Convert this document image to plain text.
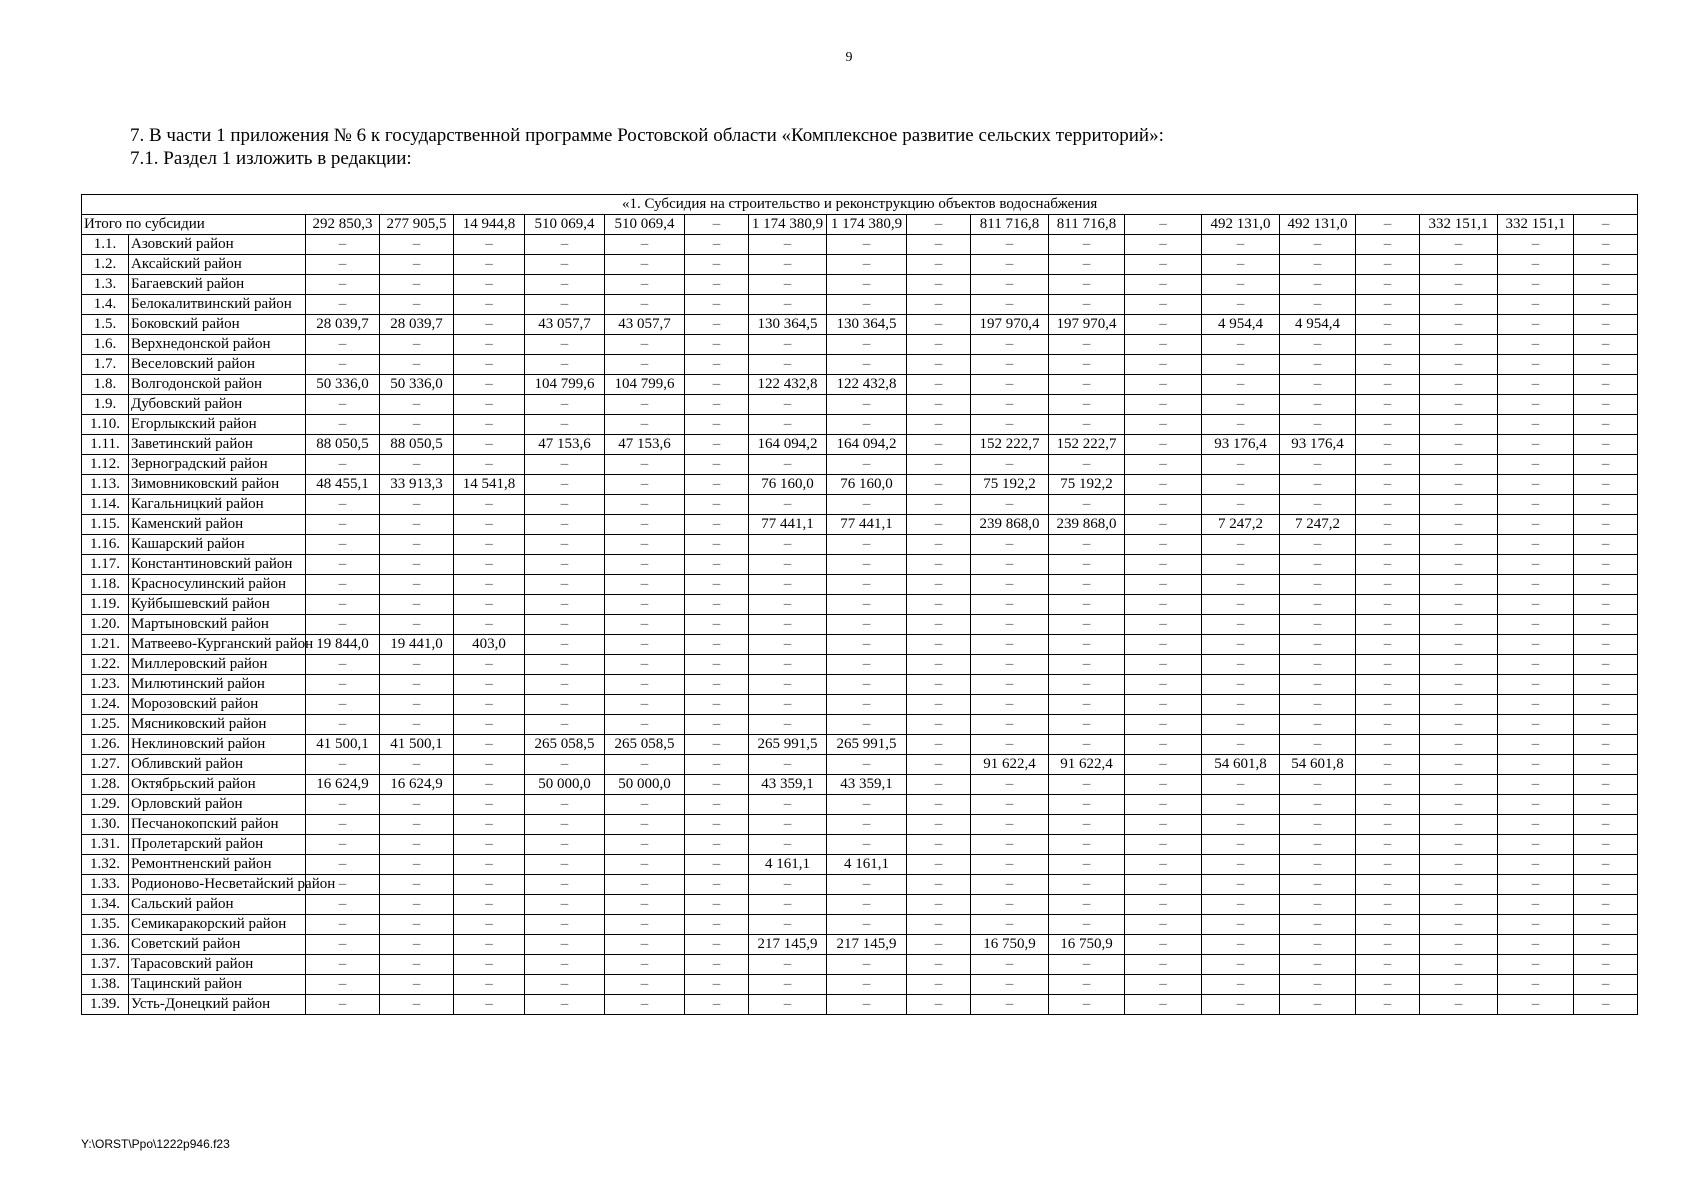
9
7. В части 1 приложения № 6 к государственной программе Ростовской области «Комплексное развитие сельских территорий»:
7.1. Раздел 1 изложить в редакции:
«1. Субсидия на строительство и реконструкцию объектов водоснабжения																			
Итого по субсидии		292 850,3	277 905,5	14 944,8	510 069,4	510 069,4	–	1 174 380,9	1 174 380,9	–	811 716,8	811 716,8	–	492 131,0	492 131,0	–	332 151,1	332 151,1	–
1.1.	Азовский район	–	–	–	–	–	–	–	–	–	–	–	–	–	–	–	–	–	–
1.2.	Аксайский район	–	–	–	–	–	–	–	–	–	–	–	–	–	–	–	–	–	–
1.3.	Багаевский район	–	–	–	–	–	–	–	–	–	–	–	–	–	–	–	–	–	–
1.4.	Белокалитвинский район	–	–	–	–	–	–	–	–	–	–	–	–	–	–	–	–	–	–
1.5.	Боковский район	28 039,7	28 039,7	–	43 057,7	43 057,7	–	130 364,5	130 364,5	–	197 970,4	197 970,4	–	4 954,4	4 954,4	–	–	–	–
1.6.	Верхнедонской район	–	–	–	–	–	–	–	–	–	–	–	–	–	–	–	–	–	–
1.7.	Веселовский район	–	–	–	–	–	–	–	–	–	–	–	–	–	–	–	–	–	–
1.8.	Волгодонской район	50 336,0	50 336,0	–	104 799,6	104 799,6	–	122 432,8	122 432,8	–	–	–	–	–	–	–	–	–	–
1.9.	Дубовский район	–	–	–	–	–	–	–	–	–	–	–	–	–	–	–	–	–	–
1.10.	Егорлыкский район	–	–	–	–	–	–	–	–	–	–	–	–	–	–	–	–	–	–
1.11.	Заветинский район	88 050,5	88 050,5	–	47 153,6	47 153,6	–	164 094,2	164 094,2	–	152 222,7	152 222,7	–	93 176,4	93 176,4	–	–	–	–
1.12.	Зерноградский район	–	–	–	–	–	–	–	–	–	–	–	–	–	–	–	–	–	–
1.13.	Зимовниковский район	48 455,1	33 913,3	14 541,8	–	–	–	76 160,0	76 160,0	–	75 192,2	75 192,2	–	–	–	–	–	–	–
1.14.	Кагальницкий район	–	–	–	–	–	–	–	–	–	–	–	–	–	–	–	–	–	–
1.15.	Каменский район	–	–	–	–	–	–	77 441,1	77 441,1	–	239 868,0	239 868,0	–	7 247,2	7 247,2	–	–	–	–
1.16.	Кашарский район	–	–	–	–	–	–	–	–	–	–	–	–	–	–	–	–	–	–
1.17.	Константиновский район	–	–	–	–	–	–	–	–	–	–	–	–	–	–	–	–	–	–
1.18.	Красносулинский район	–	–	–	–	–	–	–	–	–	–	–	–	–	–	–	–	–	–
1.19.	Куйбышевский район	–	–	–	–	–	–	–	–	–	–	–	–	–	–	–	–	–	–
1.20.	Мартыновский район	–	–	–	–	–	–	–	–	–	–	–	–	–	–	–	–	–	–
1.21.	Матвеево-Курганский район	19 844,0	19 441,0	403,0	–	–	–	–	–	–	–	–	–	–	–	–	–	–	–
1.22.	Миллеровский район	–	–	–	–	–	–	–	–	–	–	–	–	–	–	–	–	–	–
1.23.	Милютинский район	–	–	–	–	–	–	–	–	–	–	–	–	–	–	–	–	–	–
1.24.	Морозовский район	–	–	–	–	–	–	–	–	–	–	–	–	–	–	–	–	–	–
1.25.	Мясниковский район	–	–	–	–	–	–	–	–	–	–	–	–	–	–	–	–	–	–
1.26.	Неклиновский район	41 500,1	41 500,1	–	265 058,5	265 058,5	–	265 991,5	265 991,5	–	–	–	–	–	–	–	–	–	–
1.27.	Обливский район	–	–	–	–	–	–	–	–	–	91 622,4	91 622,4	–	54 601,8	54 601,8	–	–	–	–
1.28.	Октябрьский район	16 624,9	16 624,9	–	50 000,0	50 000,0	–	43 359,1	43 359,1	–	–	–	–	–	–	–	–	–	–
1.29.	Орловский район	–	–	–	–	–	–	–	–	–	–	–	–	–	–	–	–	–	–
1.30.	Песчанокопский район	–	–	–	–	–	–	–	–	–	–	–	–	–	–	–	–	–	–
1.31.	Пролетарский район	–	–	–	–	–	–	–	–	–	–	–	–	–	–	–	–	–	–
1.32.	Ремонтненский район	–	–	–	–	–	–	4 161,1	4 161,1	–	–	–	–	–	–	–	–	–	–
1.33.	Родионово-Несветайский район	–	–	–	–	–	–	–	–	–	–	–	–	–	–	–	–	–	–
1.34.	Сальский район	–	–	–	–	–	–	–	–	–	–	–	–	–	–	–	–	–	–
1.35.	Семикаракорский район	–	–	–	–	–	–	–	–	–	–	–	–	–	–	–	–	–	–
1.36.	Советский район	–	–	–	–	–	–	217 145,9	217 145,9	–	16 750,9	16 750,9	–	–	–	–	–	–	–
1.37.	Тарасовский район	–	–	–	–	–	–	–	–	–	–	–	–	–	–	–	–	–	–
1.38.	Тацинский район	–	–	–	–	–	–	–	–	–	–	–	–	–	–	–	–	–	–
1.39.	Усть-Донецкий район	–	–	–	–	–	–	–	–	–	–	–	–	–	–	–	–	–	–
Y:\ORST\Ppo\1222p946.f23
